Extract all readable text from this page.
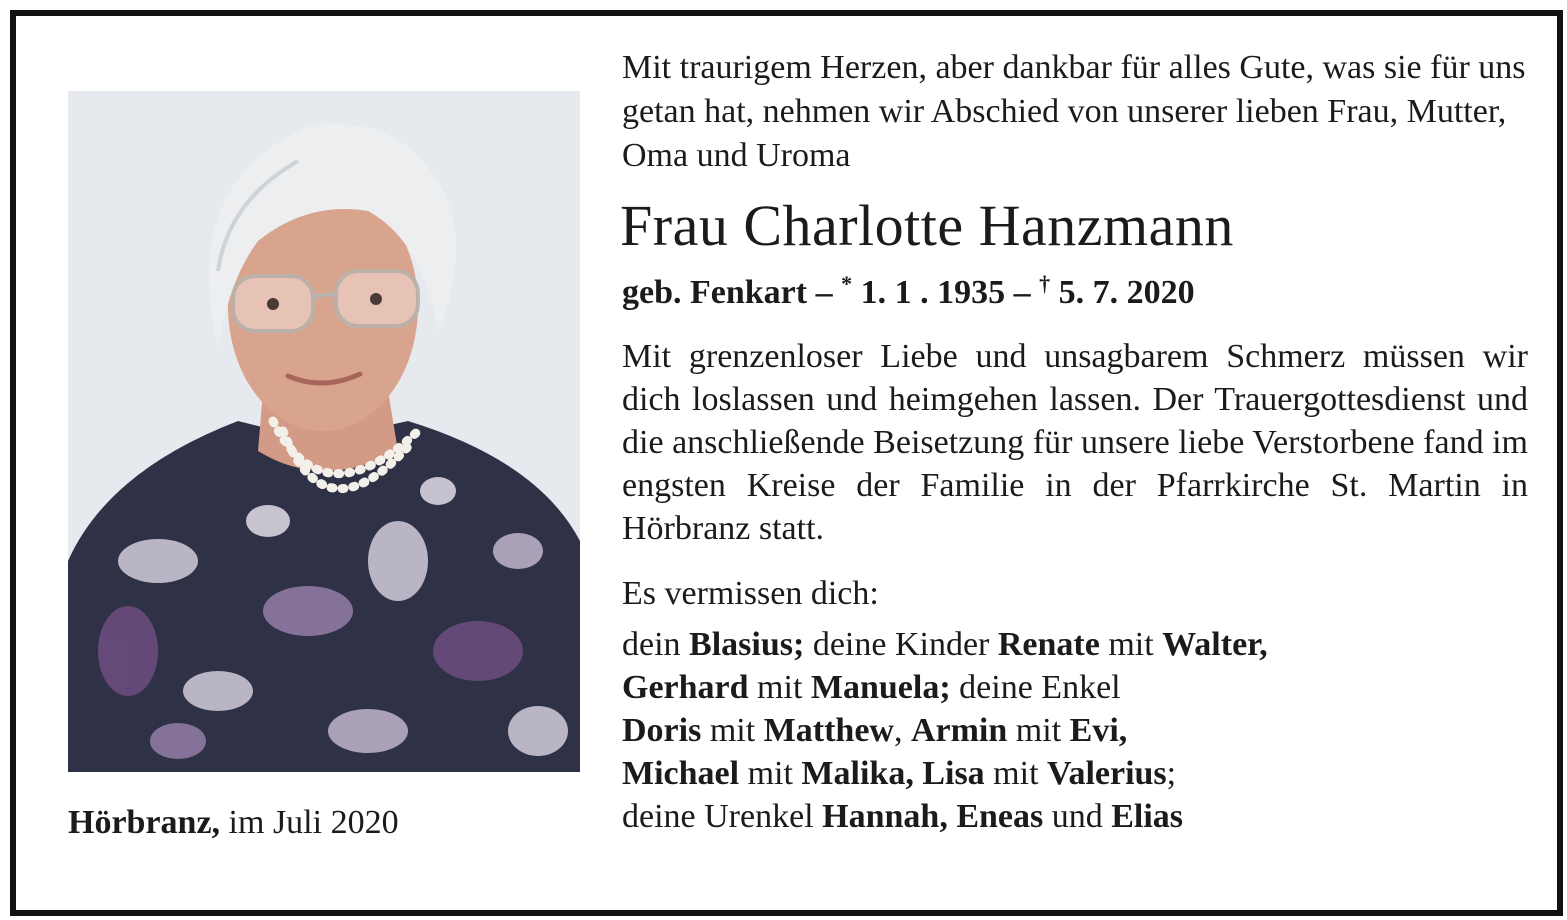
Hörbranz, im Juli 2020

Mit traurigem Herzen, aber dankbar für alles Gute, was sie für uns getan hat, nehmen wir Abschied von unserer lieben Frau, Mutter, Oma und Uroma

Frau Charlotte Hanzmann
geb. Fenkart – * 1. 1 . 1935 – † 5. 7. 2020

Mit grenzenloser Liebe und unsagbarem Schmerz müssen wir dich loslassen und heimgehen lassen. Der Trauergottesdienst und die anschließende Beisetzung für unsere liebe Verstorbene fand im engsten Kreise der Familie in der Pfarrkirche St. Martin in Hörbranz statt.

Es vermissen dich:

dein Blasius; deine Kinder Renate mit Walter,
Gerhard mit Manuela; deine Enkel
Doris mit Matthew, Armin mit Evi,
Michael mit Malika, Lisa mit Valerius;
deine Urenkel Hannah, Eneas und Elias
